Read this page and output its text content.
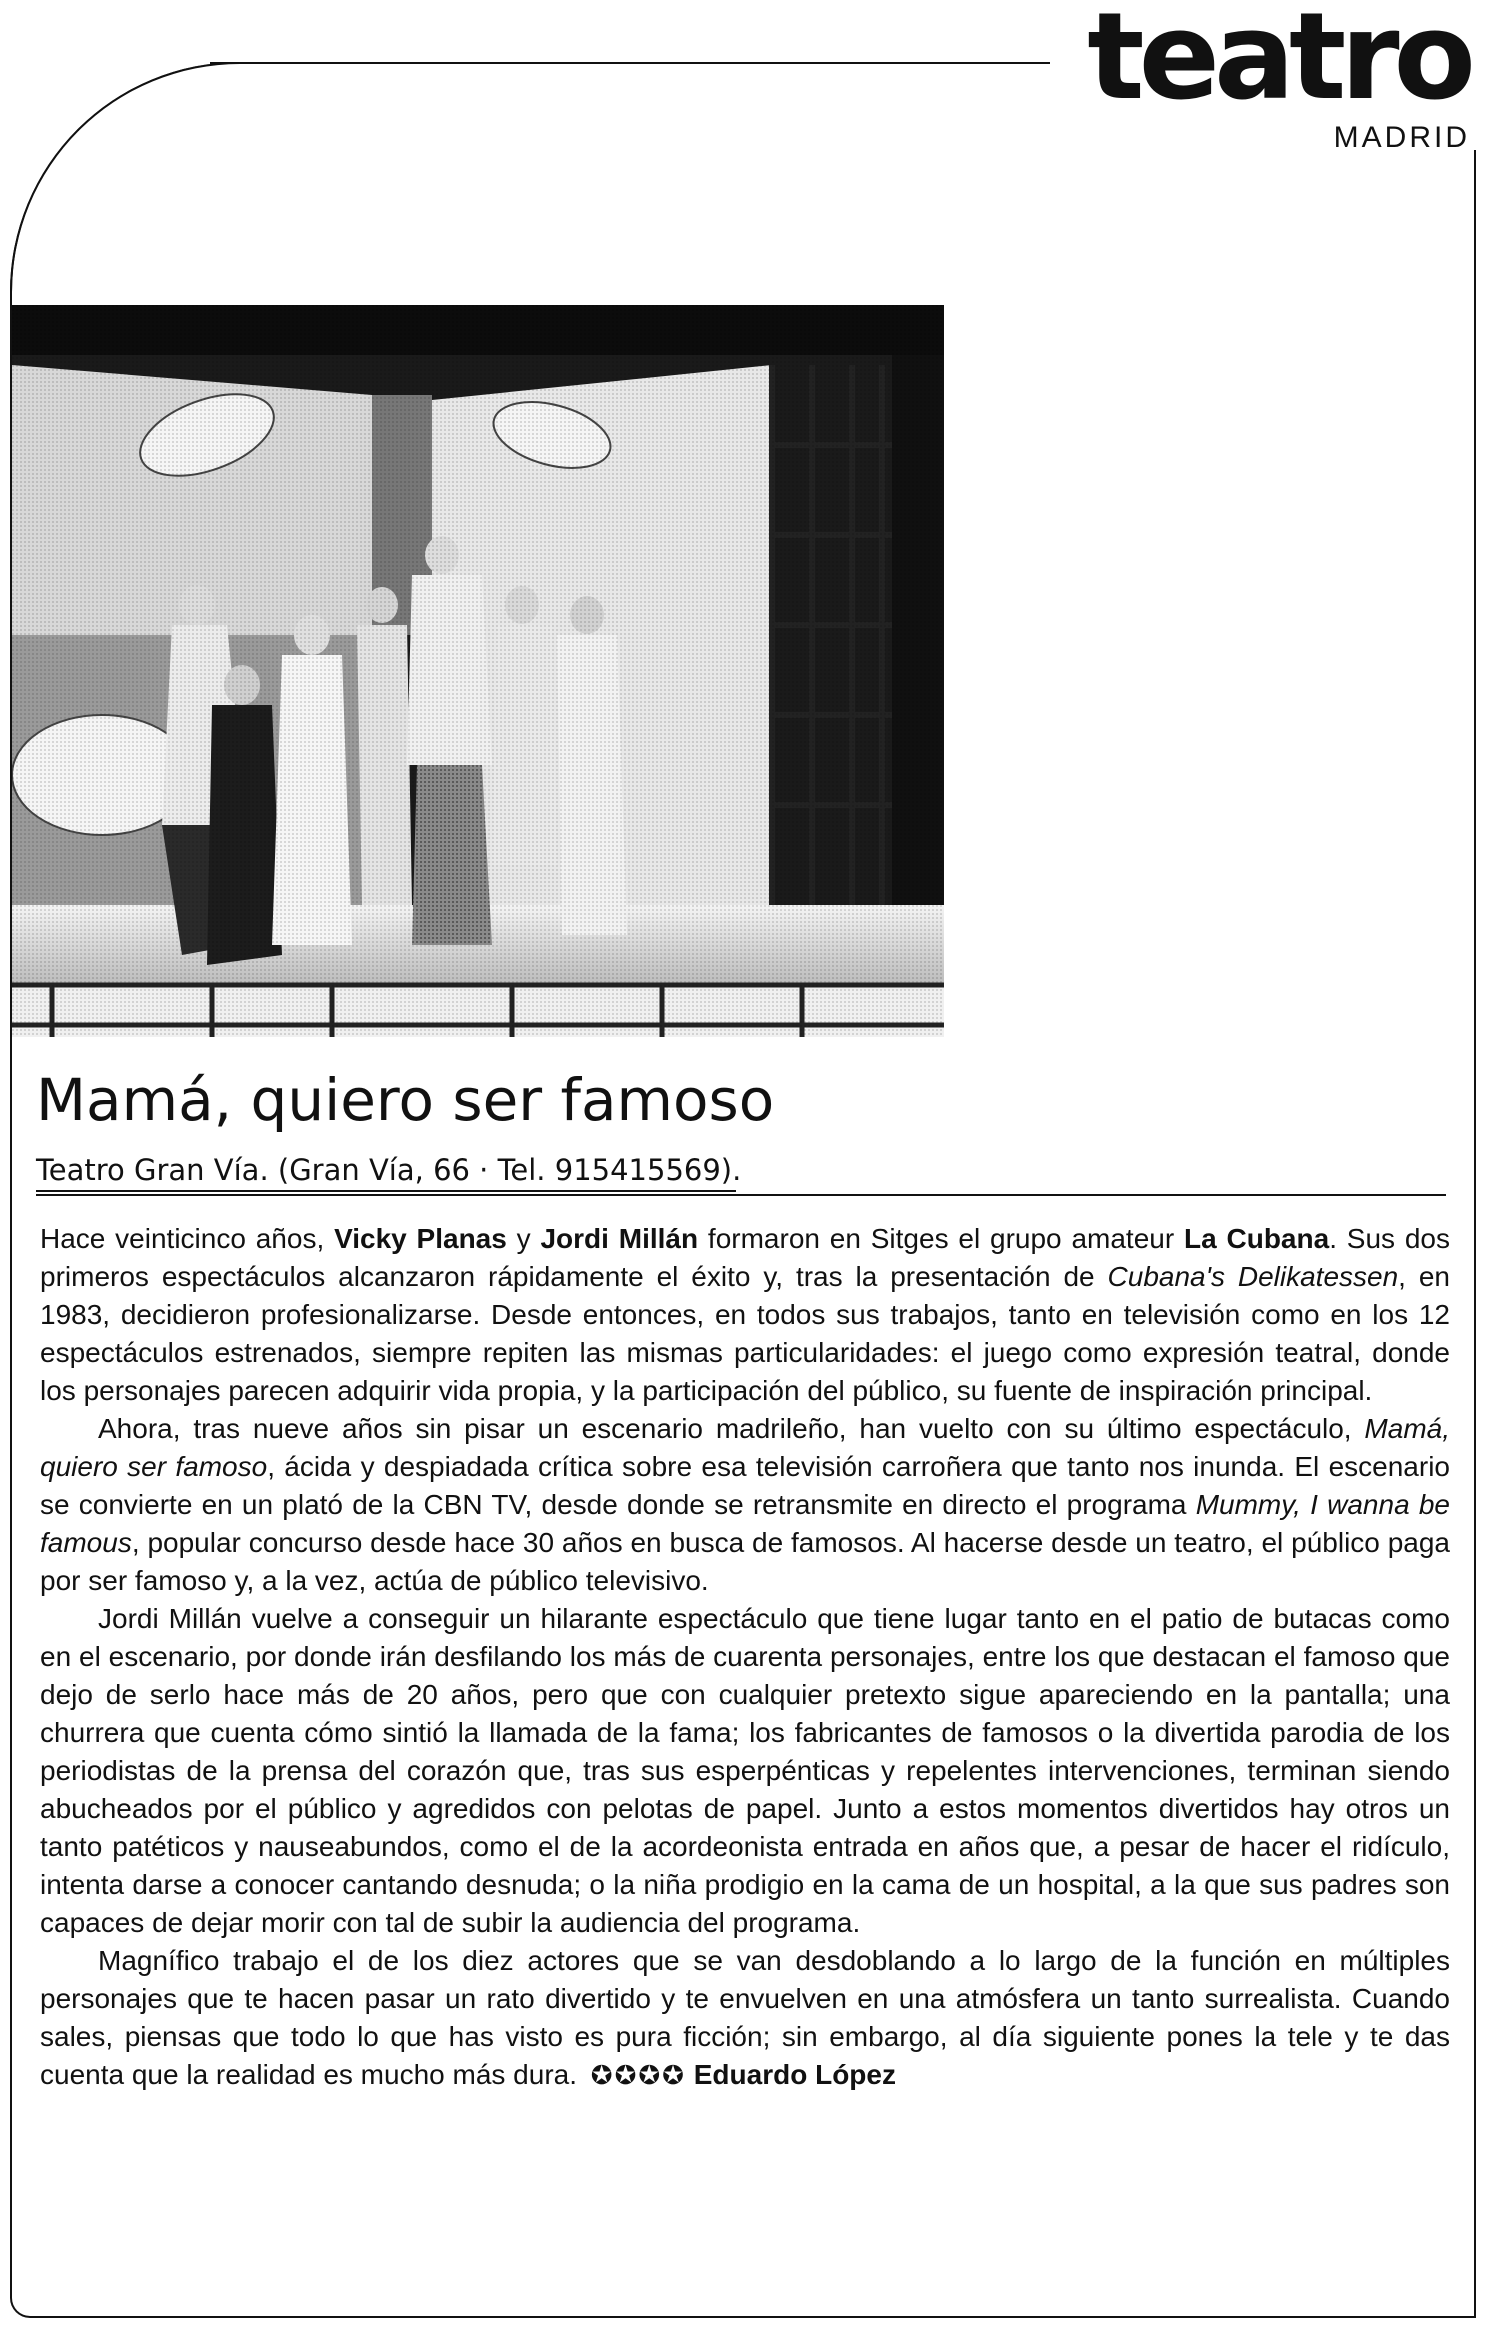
teatro
MADRID
Mamá, quiero ser famoso
Teatro Gran Vía. (Gran Vía, 66 · Tel. 915415569).

Hace veinticinco años, Vicky Planas y Jordi Millán formaron en Sitges el grupo amateur La Cubana. Sus dos primeros espectáculos alcanzaron rápidamente el éxito y, tras la presentación de Cubana's Delikatessen, en 1983, decidieron profesionalizarse. Desde entonces, en todos sus trabajos, tanto en televisión como en los 12 espectáculos estrenados, siempre repiten las mismas particularidades: el juego como expresión teatral, donde los personajes parecen adquirir vida propia, y la participación del público, su fuente de inspiración principal.

Ahora, tras nueve años sin pisar un escenario madrileño, han vuelto con su último espectáculo, Mamá, quiero ser famoso, ácida y despiadada crítica sobre esa televisión carroñera que tanto nos inunda. El escenario se convierte en un plató de la CBN TV, desde donde se retransmite en directo el programa Mummy, I wanna be famous, popular concurso desde hace 30 años en busca de famosos. Al hacerse desde un teatro, el público paga por ser famoso y, a la vez, actúa de público televisivo.

Jordi Millán vuelve a conseguir un hilarante espectáculo que tiene lugar tanto en el patio de butacas como en el escenario, por donde irán desfilando los más de cuarenta personajes, entre los que destacan el famoso que dejo de serlo hace más de 20 años, pero que con cualquier pretexto sigue apareciendo en la pantalla; una churrera que cuenta cómo sintió la llamada de la fama; los fabricantes de famosos o la divertida parodia de los periodistas de la prensa del corazón que, tras sus esperpénticas y repelentes intervenciones, terminan siendo abucheados por el público y agredidos con pelotas de papel. Junto a estos momentos divertidos hay otros un tanto patéticos y nauseabundos, como el de la acordeonista entrada en años que, a pesar de hacer el ridículo, intenta darse a conocer cantando desnuda; o la niña prodigio en la cama de un hospital, a la que sus padres son capaces de dejar morir con tal de subir la audiencia del programa.

Magnífico trabajo el de los diez actores que se van desdoblando a lo largo de la función en múltiples personajes que te hacen pasar un rato divertido y te envuelven en una atmósfera un tanto surrealista. Cuando sales, piensas que todo lo que has visto es pura ficción; sin embargo, al día siguiente pones la tele y te das cuenta que la realidad es mucho más dura. ✪✪✪✪ Eduardo López
